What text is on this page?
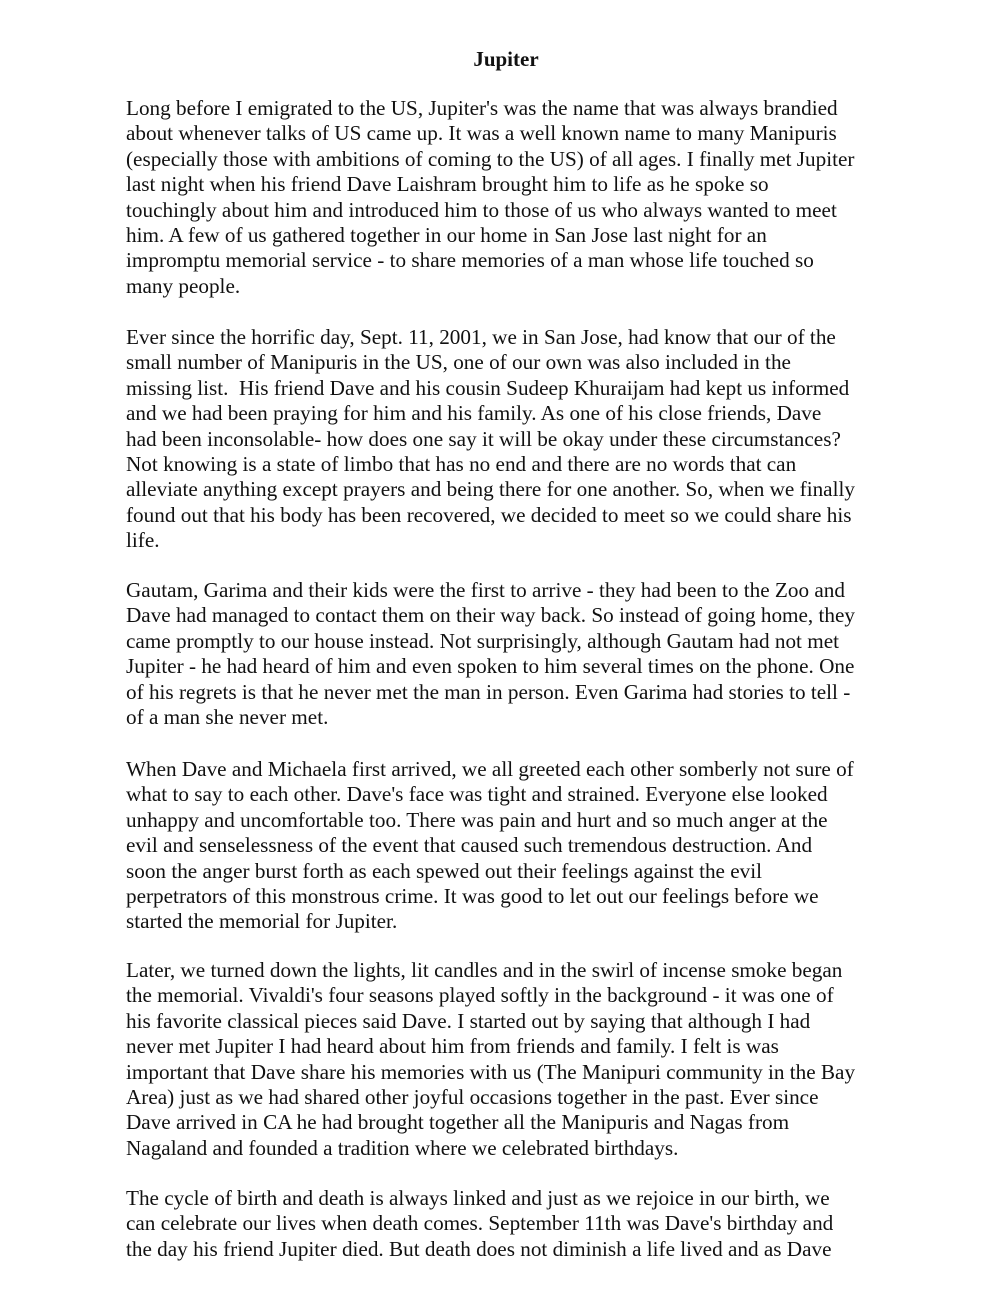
Jupiter

Long before I emigrated to the US, Jupiter's was the name that was always brandied
about whenever talks of US came up. It was a well known name to many Manipuris
(especially those with ambitions of coming to the US) of all ages. I finally met Jupiter
last night when his friend Dave Laishram brought him to life as he spoke so
touchingly about him and introduced him to those of us who always wanted to meet
him. A few of us gathered together in our home in San Jose last night for an
impromptu memorial service - to share memories of a man whose life touched so
many people.

Ever since the horrific day, Sept. 11, 2001, we in San Jose, had know that our of the
small number of Manipuris in the US, one of our own was also included in the
missing list.  His friend Dave and his cousin Sudeep Khuraijam had kept us informed
and we had been praying for him and his family. As one of his close friends, Dave
had been inconsolable- how does one say it will be okay under these circumstances?
Not knowing is a state of limbo that has no end and there are no words that can
alleviate anything except prayers and being there for one another. So, when we finally
found out that his body has been recovered, we decided to meet so we could share his
life.

Gautam, Garima and their kids were the first to arrive - they had been to the Zoo and
Dave had managed to contact them on their way back. So instead of going home, they
came promptly to our house instead. Not surprisingly, although Gautam had not met
Jupiter - he had heard of him and even spoken to him several times on the phone. One
of his regrets is that he never met the man in person. Even Garima had stories to tell -
of a man she never met.

When Dave and Michaela first arrived, we all greeted each other somberly not sure of
what to say to each other. Dave's face was tight and strained. Everyone else looked
unhappy and uncomfortable too. There was pain and hurt and so much anger at the
evil and senselessness of the event that caused such tremendous destruction. And
soon the anger burst forth as each spewed out their feelings against the evil
perpetrators of this monstrous crime. It was good to let out our feelings before we
started the memorial for Jupiter.

Later, we turned down the lights, lit candles and in the swirl of incense smoke began
the memorial. Vivaldi's four seasons played softly in the background - it was one of
his favorite classical pieces said Dave. I started out by saying that although I had
never met Jupiter I had heard about him from friends and family. I felt is was
important that Dave share his memories with us (The Manipuri community in the Bay
Area) just as we had shared other joyful occasions together in the past. Ever since
Dave arrived in CA he had brought together all the Manipuris and Nagas from
Nagaland and founded a tradition where we celebrated birthdays.

The cycle of birth and death is always linked and just as we rejoice in our birth, we
can celebrate our lives when death comes. September 11th was Dave's birthday and
the day his friend Jupiter died. But death does not diminish a life lived and as Dave
